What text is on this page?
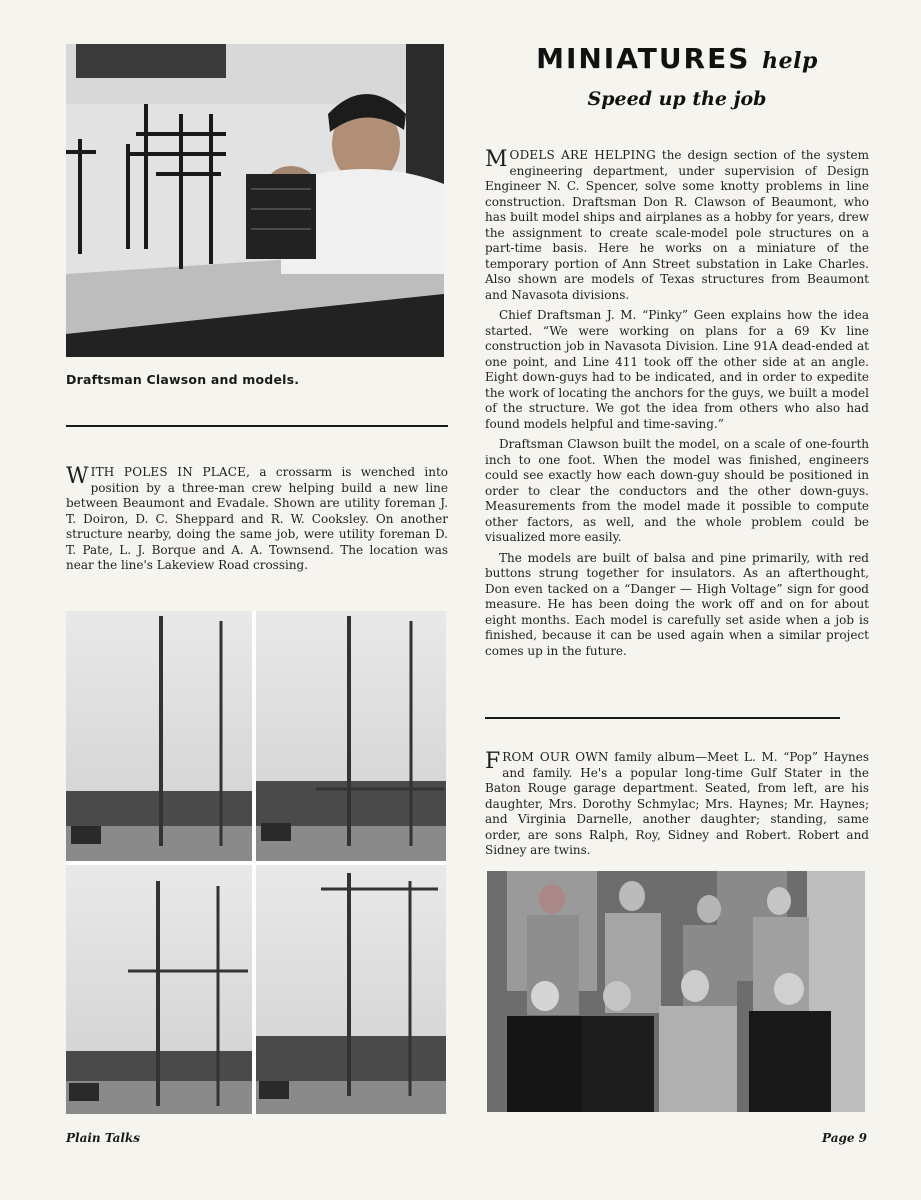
Draftsman Clawson and models.

WITH POLES IN PLACE, a crossarm is wenched into position by a three-man crew helping build a new line between Beaumont and Evadale. Shown are utility foreman J. T. Doiron, D. C. Sheppard and R. W. Cooksley. On another structure nearby, doing the same job, were utility foreman D. T. Pate, L. J. Borque and A. A. Townsend. The location was near the line's Lakeview Road crossing.

MINIATURES help
Speed up the job

MODELS ARE HELPING the design section of the system engineering department, under supervision of Design Engineer N. C. Spencer, solve some knotty problems in line construction. Draftsman Don R. Clawson of Beaumont, who has built model ships and airplanes as a hobby for years, drew the assignment to create scale-model pole structures on a part-time basis. Here he works on a miniature of the temporary portion of Ann Street substation in Lake Charles. Also shown are models of Texas structures from Beaumont and Navasota divisions.

Chief Draftsman J. M. “Pinky” Geen explains how the idea started. “We were working on plans for a 69 Kv line construction job in Navasota Division. Line 91A dead-ended at one point, and Line 411 took off the other side at an angle. Eight down-guys had to be indicated, and in order to expedite the work of locating the anchors for the guys, we built a model of the structure. We got the idea from others who also had found models helpful and time-saving.”

Draftsman Clawson built the model, on a scale of one-fourth inch to one foot. When the model was finished, engineers could see exactly how each down-guy should be positioned in order to clear the conductors and the other down-guys. Measurements from the model made it possible to compute other factors, as well, and the whole problem could be visualized more easily.

The models are built of balsa and pine primarily, with red buttons strung together for insulators. As an afterthought, Don even tacked on a “Danger — High Voltage” sign for good measure. He has been doing the work off and on for about eight months. Each model is carefully set aside when a job is finished, because it can be used again when a similar project comes up in the future.

FROM OUR OWN family album—Meet L. M. “Pop” Haynes and family. He's a popular long-time Gulf Stater in the Baton Rouge garage department. Seated, from left, are his daughter, Mrs. Dorothy Schmylac; Mrs. Haynes; Mr. Haynes; and Virginia Darnelle, another daughter; standing, same order, are sons Ralph, Roy, Sidney and Robert. Robert and Sidney are twins.

Plain Talks	Page 9
